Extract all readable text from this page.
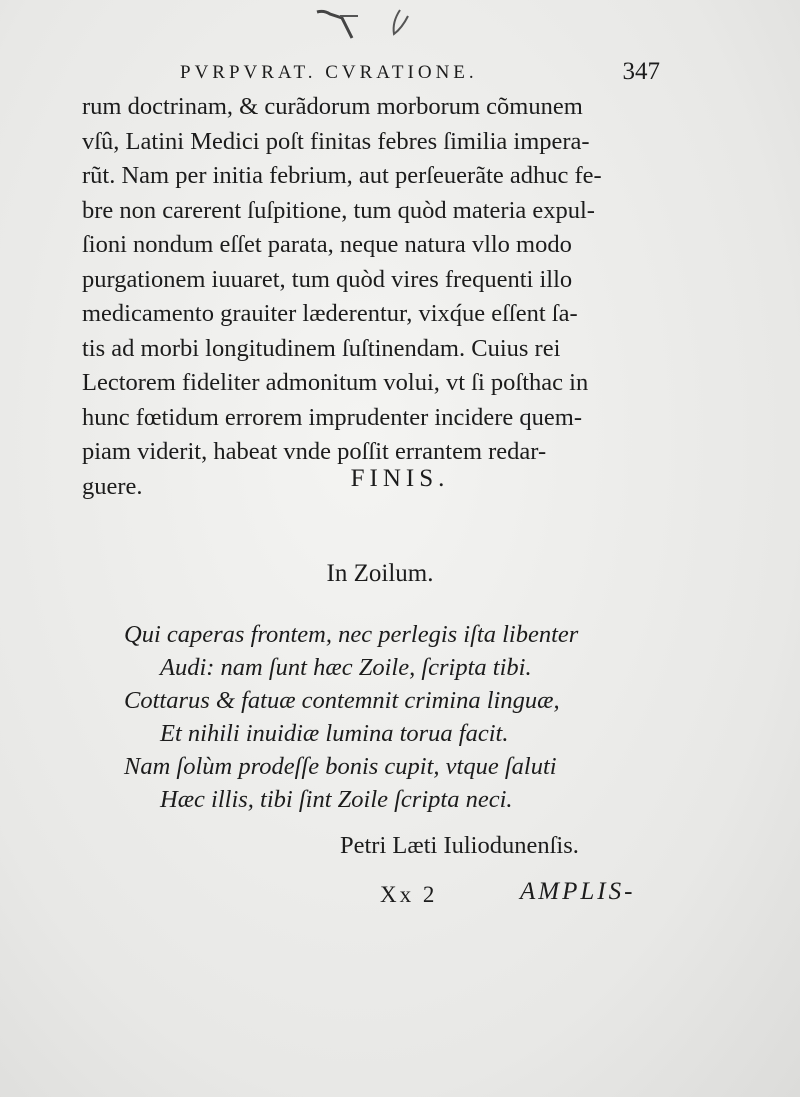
PVRPVRAT. CVRATIONE.	347
rum doctrinam, & curãdorum morborum cõmunem
vſû, Latini Medici poſt finitas febres ſimilia impera-
rũt. Nam per initia febrium, aut perſeuerãte adhuc fe-
bre non carerent ſuſpitione, tum quòd materia expul-
ſioni nondum eſſet parata, neque natura vllo modo
purgationem iuuaret, tum quòd vires frequenti illo
medicamento grauiter læderentur, vixq́ue eſſent ſa-
tis ad morbi longitudinem ſuſtinendam. Cuius rei
Lectorem fideliter admonitum volui, vt ſi poſthac in
hunc fœtidum errorem imprudenter incidere quem-
piam viderit, habeat vnde poſſit errantem redar-
guere.	FINIS.
In Zoilum.
Qui caperas frontem, nec perlegis iſta libenter
Audi: nam ſunt hæc Zoile, ſcripta tibi.
Cottarus & fatuæ contemnit crimina linguæ,
Et nihili inuidiæ lumina torua facit.
Nam ſolùm prodeſſe bonis cupit, vtque ſaluti
Hæc illis, tibi ſint Zoile ſcripta neci.
Petri Læti Iuliodunenſis.
Xx 2	AMPLIS-
